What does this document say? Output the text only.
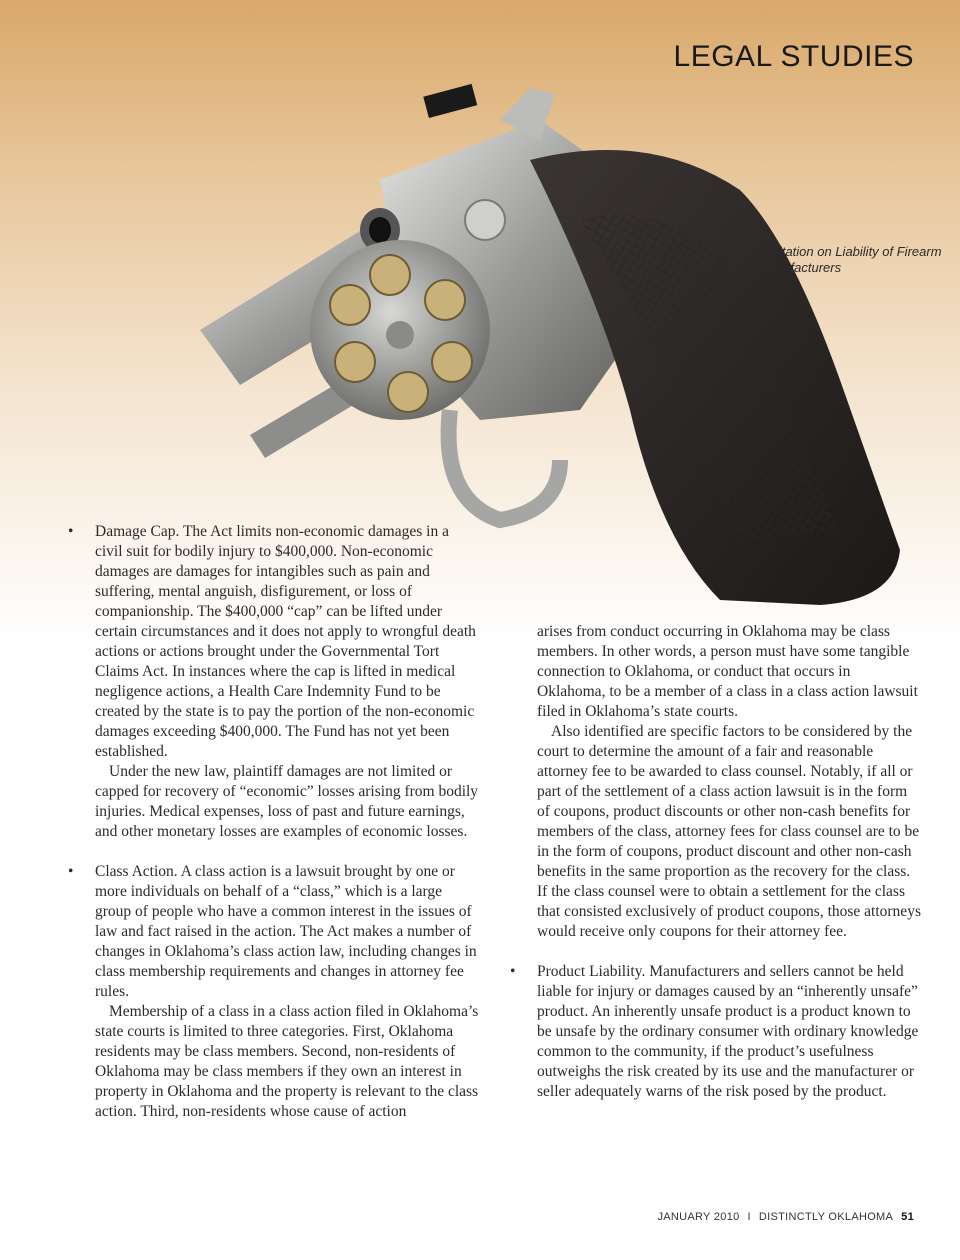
LEGAL STUDIES
Limitation on Liability of Firearm Manufacturers
• Damage Cap. The Act limits non-economic damages in a civil suit for bodily injury to $400,000. Non-economic damages are damages for intangibles such as pain and suffering, mental anguish, disfigurement, or loss of companionship. The $400,000 “cap” can be lifted under certain circumstances and it does not apply to wrongful death actions or actions brought under the Governmental Tort Claims Act. In instances where the cap is lifted in medical negligence actions, a Health Care Indemnity Fund to be created by the state is to pay the portion of the non-economic damages exceeding $400,000. The Fund has not yet been established.

Under the new law, plaintiff damages are not limited or capped for recovery of “economic” losses arising from bodily injuries. Medical expenses, loss of past and future earnings, and other monetary losses are examples of economic losses.

• Class Action. A class action is a lawsuit brought by one or more individuals on behalf of a “class,” which is a large group of people who have a common interest in the issues of law and fact raised in the action. The Act makes a number of changes in Oklahoma’s class action law, including changes in class membership requirements and changes in attorney fee rules.

Membership of a class in a class action filed in Oklahoma’s state courts is limited to three categories. First, Oklahoma residents may be class members. Second, non-residents of Oklahoma may be class members if they own an interest in property in Oklahoma and the property is relevant to the class action. Third, non-residents whose cause of action

arises from conduct occurring in Oklahoma may be class members. In other words, a person must have some tangible connection to Oklahoma, or conduct that occurs in Oklahoma, to be a member of a class in a class action lawsuit filed in Oklahoma’s state courts.

Also identified are specific factors to be considered by the court to determine the amount of a fair and reasonable attorney fee to be awarded to class counsel. Notably, if all or part of the settlement of a class action lawsuit is in the form of coupons, product discounts or other non-cash benefits for members of the class, attorney fees for class counsel are to be in the form of coupons, product discount and other non-cash benefits in the same proportion as the recovery for the class. If the class counsel were to obtain a settlement for the class that consisted exclusively of product coupons, those attorneys would receive only coupons for their attorney fee.

• Product Liability. Manufacturers and sellers cannot be held liable for injury or damages caused by an “inherently unsafe” product. An inherently unsafe product is a product known to be unsafe by the ordinary consumer with ordinary knowledge common to the community, if the product’s usefulness outweighs the risk created by its use and the manufacturer or seller adequately warns of the risk posed by the product.

JANUARY 2010 I DISTINCTLY OKLAHOMA 51
